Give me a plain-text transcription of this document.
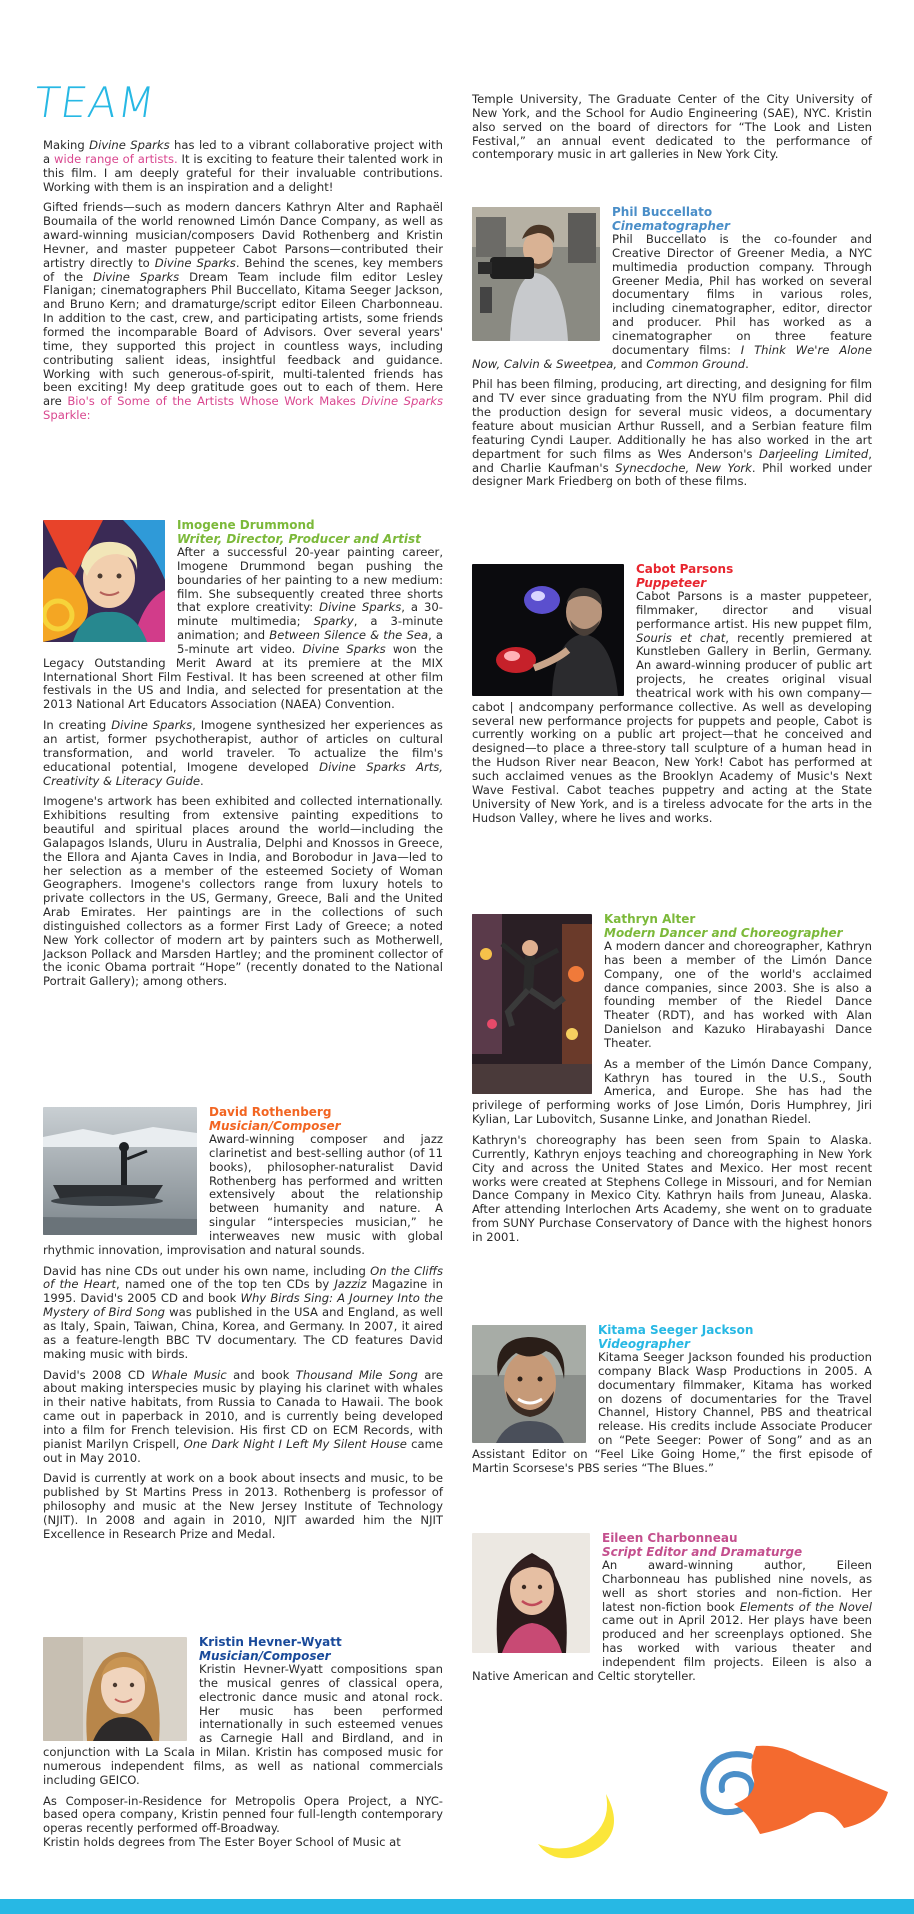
TEAM

Making Divine Sparks has led to a vibrant collaborative project with a wide range of artists. It is exciting to feature their talented work in this film. I am deeply grateful for their invaluable contributions. Working with them is an inspiration and a delight!

Gifted friends—such as modern dancers Kathryn Alter and Raphaël Boumaila of the world renowned Limón Dance Company, as well as award-winning musician/composers David Rothenberg and Kristin Hevner, and master puppeteer Cabot Parsons—contributed their artistry directly to Divine Sparks. Behind the scenes, key members of the Divine Sparks Dream Team include film editor Lesley Flanigan; cinematographers Phil Buccellato, Kitama Seeger Jackson, and Bruno Kern; and dramaturge/script editor Eileen Charbonneau. In addition to the cast, crew, and participating artists, some friends formed the incomparable Board of Advisors. Over several years' time, they supported this project in countless ways, including contributing salient ideas, insightful feedback and guidance. Working with such generous-of-spirit, multi-talented friends has been exciting! My deep gratitude goes out to each of them. Here are Bio's of Some of the Artists Whose Work Makes Divine Sparks Sparkle:

Imogene Drummond
Writer, Director, Producer and Artist

After a successful 20-year painting career, Imogene Drummond began pushing the boundaries of her painting to a new medium: film. She subsequently created three shorts that explore creativity: Divine Sparks, a 30-minute multimedia; Sparky, a 3-minute animation; and Between Silence & the Sea, a 5-minute art video. Divine Sparks won the Legacy Outstanding Merit Award at its premiere at the MIX International Short Film Festival. It has been screened at other film festivals in the US and India, and selected for presentation at the 2013 National Art Educators Association (NAEA) Convention.

In creating Divine Sparks, Imogene synthesized her experiences as an artist, former psychotherapist, author of articles on cultural transformation, and world traveler. To actualize the film's educational potential, Imogene developed Divine Sparks Arts, Creativity & Literacy Guide.

Imogene's artwork has been exhibited and collected internationally. Exhibitions resulting from extensive painting expeditions to beautiful and spiritual places around the world—including the Galapagos Islands, Uluru in Australia, Delphi and Knossos in Greece, the Ellora and Ajanta Caves in India, and Borobodur in Java—led to her selection as a member of the esteemed Society of Woman Geographers. Imogene's collectors range from luxury hotels to private collectors in the US, Germany, Greece, Bali and the United Arab Emirates. Her paintings are in the collections of such distinguished collectors as a former First Lady of Greece; a noted New York collector of modern art by painters such as Motherwell, Jackson Pollack and Marsden Hartley; and the prominent collector of the iconic Obama portrait “Hope” (recently donated to the National Portrait Gallery); among others.

David Rothenberg
Musician/Composer

Award-winning composer and jazz clarinetist and best-selling author (of 11 books), philosopher-naturalist David Rothenberg has performed and written extensively about the relationship between humanity and nature. A singular “interspecies musician,” he interweaves new music with global rhythmic innovation, improvisation and natural sounds.

David has nine CDs out under his own name, including On the Cliffs of the Heart, named one of the top ten CDs by Jazziz Magazine in 1995. David's 2005 CD and book Why Birds Sing: A Journey Into the Mystery of Bird Song was published in the USA and England, as well as Italy, Spain, Taiwan, China, Korea, and Germany. In 2007, it aired as a feature-length BBC TV documentary. The CD features David making music with birds.

David's 2008 CD Whale Music and book Thousand Mile Song are about making interspecies music by playing his clarinet with whales in their native habitats, from Russia to Canada to Hawaii. The book came out in paperback in 2010, and is currently being developed into a film for French television. His first CD on ECM Records, with pianist Marilyn Crispell, One Dark Night I Left My Silent House came out in May 2010.

David is currently at work on a book about insects and music, to be published by St Martins Press in 2013. Rothenberg is professor of philosophy and music at the New Jersey Institute of Technology (NJIT). In 2008 and again in 2010, NJIT awarded him the NJIT Excellence in Research Prize and Medal.

Kristin Hevner-Wyatt
Musician/Composer

Kristin Hevner-Wyatt compositions span the musical genres of classical opera, electronic dance music and atonal rock. Her music has been performed internationally in such esteemed venues as Carnegie Hall and Birdland, and in conjunction with La Scala in Milan. Kristin has composed music for numerous independent films, as well as national commercials including GEICO.

As Composer-in-Residence for Metropolis Opera Project, a NYC-based opera company, Kristin penned four full-length contemporary operas recently performed off-Broadway.

Kristin holds degrees from The Ester Boyer School of Music at

Temple University, The Graduate Center of the City University of New York, and the School for Audio Engineering (SAE), NYC. Kristin also served on the board of directors for “The Look and Listen Festival,” an annual event dedicated to the performance of contemporary music in art galleries in New York City.

Phil Buccellato
Cinematographer

Phil Buccellato is the co-founder and Creative Director of Greener Media, a NYC multimedia production company. Through Greener Media, Phil has worked on several documentary films in various roles, including cinematographer, editor, director and producer. Phil has worked as a cinematographer on three feature documentary films: I Think We're Alone Now, Calvin & Sweetpea, and Common Ground.

Phil has been filming, producing, art directing, and designing for film and TV ever since graduating from the NYU film program. Phil did the production design for several music videos, a documentary feature about musician Arthur Russell, and a Serbian feature film featuring Cyndi Lauper. Additionally he has also worked in the art department for such films as Wes Anderson's Darjeeling Limited, and Charlie Kaufman's Synecdoche, New York. Phil worked under designer Mark Friedberg on both of these films.

Cabot Parsons
Puppeteer

Cabot Parsons is a master puppeteer, filmmaker, director and visual performance artist. His new puppet film, Souris et chat, recently premiered at Kunstleben Gallery in Berlin, Germany. An award-winning producer of public art projects, he creates original visual theatrical work with his own company—cabot | andcompany performance collective. As well as developing several new performance projects for puppets and people, Cabot is currently working on a public art project—that he conceived and designed—to place a three-story tall sculpture of a human head in the Hudson River near Beacon, New York! Cabot has performed at such acclaimed venues as the Brooklyn Academy of Music's Next Wave Festival. Cabot teaches puppetry and acting at the State University of New York, and is a tireless advocate for the arts in the Hudson Valley, where he lives and works.

Kathryn Alter
Modern Dancer and Choreographer

A modern dancer and choreographer, Kathryn has been a member of the Limón Dance Company, one of the world's acclaimed dance companies, since 2003. She is also a founding member of the Riedel Dance Theater (RDT), and has worked with Alan Danielson and Kazuko Hirabayashi Dance Theater.

As a member of the Limón Dance Company, Kathryn has toured in the U.S., South America, and Europe. She has had the privilege of performing works of Jose Limón, Doris Humphrey, Jiri Kylian, Lar Lubovitch, Susanne Linke, and Jonathan Riedel.

Kathryn's choreography has been seen from Spain to Alaska. Currently, Kathryn enjoys teaching and choreographing in New York City and across the United States and Mexico. Her most recent works were created at Stephens College in Missouri, and for Nemian Dance Company in Mexico City. Kathryn hails from Juneau, Alaska. After attending Interlochen Arts Academy, she went on to graduate from SUNY Purchase Conservatory of Dance with the highest honors in 2001.

Kitama Seeger Jackson
Videographer

Kitama Seeger Jackson founded his production company Black Wasp Productions in 2005. A documentary filmmaker, Kitama has worked on dozens of documentaries for the Travel Channel, History Channel, PBS and theatrical release. His credits include Associate Producer on “Pete Seeger: Power of Song” and as an Assistant Editor on “Feel Like Going Home,” the first episode of Martin Scorsese's PBS series “The Blues.”

Eileen Charbonneau
Script Editor and Dramaturge

An award-winning author, Eileen Charbonneau has published nine novels, as well as short stories and non-fiction. Her latest non-fiction book Elements of the Novel came out in April 2012. Her plays have been produced and her screenplays optioned. She has worked with various theater and independent film projects. Eileen is also a Native American and Celtic storyteller.
